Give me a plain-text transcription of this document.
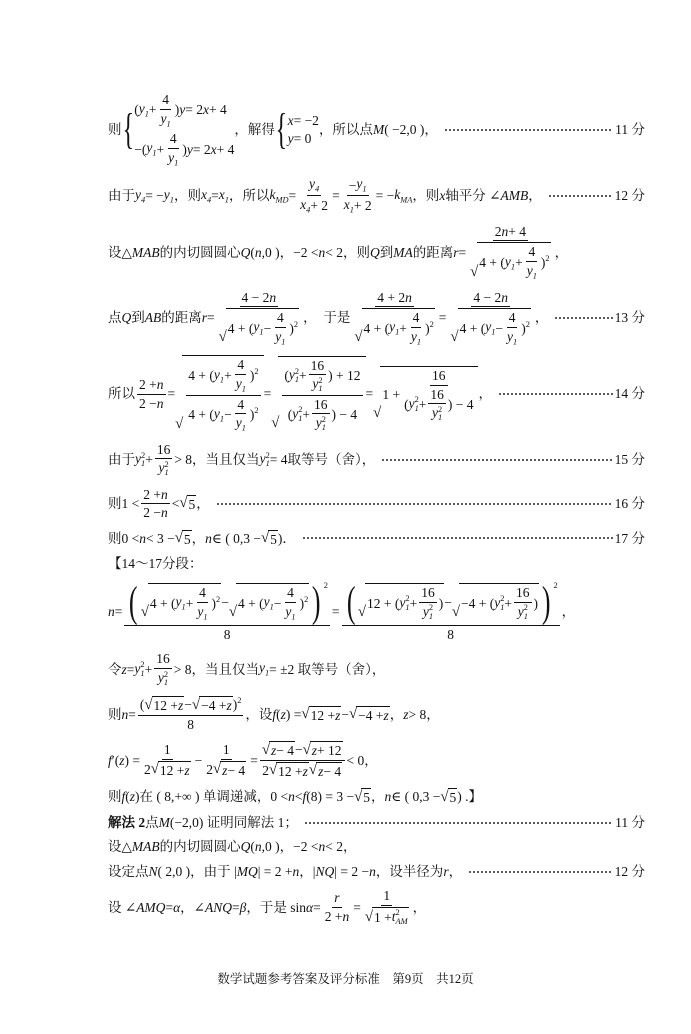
则 { ( $y_1 + \frac{4}{y_1}$ ) y = 2 x + 4
−( $y_1 + \frac{4}{y_1}$ ) y = 2 x + 4
，解得 { x = −2
y = 0
，所以点 M ( −2,0 )，	11 分
由于 $y_4$ = − $y_1$ ，则 $x_4 = x_1$ ，所以 $k_{MD} = \frac{y_4}{x_4 + 2} = \frac{- y_1}{x_1 + 2}$ = − $k_{MA}$ ，则 x 轴平分 ∠ AMB ，	12 分
设△ MAB 的内切圆圆心 Q ( n ,0 )，−2 < n < 2，则 Q 到 MA 的距离 r = 2 n + 4
√
4 + ( $y_1 + \frac{4}{y_1}$ ) $^2$ ，
点 Q 到 AB 的距离 r = 4 − 2 n
√
4 + ( $y_1 - \frac{4}{y_1}$ ) $^2$ ，　于是 4 + 2 n
√
4 + ( $y_1 + \frac{4}{y_1}$ ) $^2$ = 4 − 2 n
√
4 + ( $y_1 - \frac{4}{y_1}$ ) $^2$ ，	13 分
所以 $\frac{2 + n}{2 - n}$ =
√ $\frac{4 + ( y_1 + \frac{4}{y_1} ) ^2}{4 + ( y_1 - \frac{4}{y_1} ) ^2}$ =
√ ( y 2
1 + 16
y 2
1 ) + 12
( y 2
1 + 16
y 2
1 ) − 4 =
√
1 + 16
( y 2
1 + 16
y 2
1 ) − 4 ，	14 分
由于 y 2
1 + 16
y 2
1 > 8，当且仅当 y 2
1 = 4取等号（舍），	15 分
则$1 < \frac{2 + n}{2 - n}$ < √ 5 ，	16 分
则0 < n < 3 − √ 5 ， n ∈ ( 0,3 − √ 5 )．	17 分
【14～17分段：
n = ( √
4 + ( $y_1 + \frac{4}{y_1}$ ) $^2$ −
√
4 + ( $y_1 - \frac{4}{y_1}$ ) $^2$ ) 2
8 = ( √
12 + ( y 2
1 + 16
y 2
1 ) −
√
−4 + ( y 2
1 + 16
y 2
1 ) ) 2
8 ，
令 z = y 2
1 + 16
y 2
1 > 8，当且仅当 $y_1 = \pm 2$ 取等号（舍），
则 $n = \frac{( √ 12 + z - √ -4 + z ) ^2}{8}$ ，设 f ( z ) = √ 12 + z − √ −4 + z ， z > 8，
f ′( z ) = $\frac{1}{2 √ 12 + z} - \frac{1}{2 √ z - 4} = \frac{√ z - 4 - √ z + 12}{2 √ 12 + z √ z - 4} < 0$，
则 f ( z )在 ( 8,+∞ ) 单调递减，0 < n < f (8) = 3 − √ 5 ， n ∈ ( 0,3 − √ 5 ) .】
解法 2 点 M (−2,0) 证明同解法 1；	11 分
设△ MAB 的内切圆圆心 Q ( n ,0 )，−2 < n < 2，
设定点 N ( 2,0 )，由于 | MQ | = 2 + n ，| NQ | = 2 − n ，设半径为 r ，	12 分
设 ∠ AMQ = α ，∠ ANQ = β ，于是 $\sin \alpha = \frac{r}{2 + n} = 1$
√ 1 + t 2
AM ，
数学试题参考答案及评分标准　第9页　共12页
